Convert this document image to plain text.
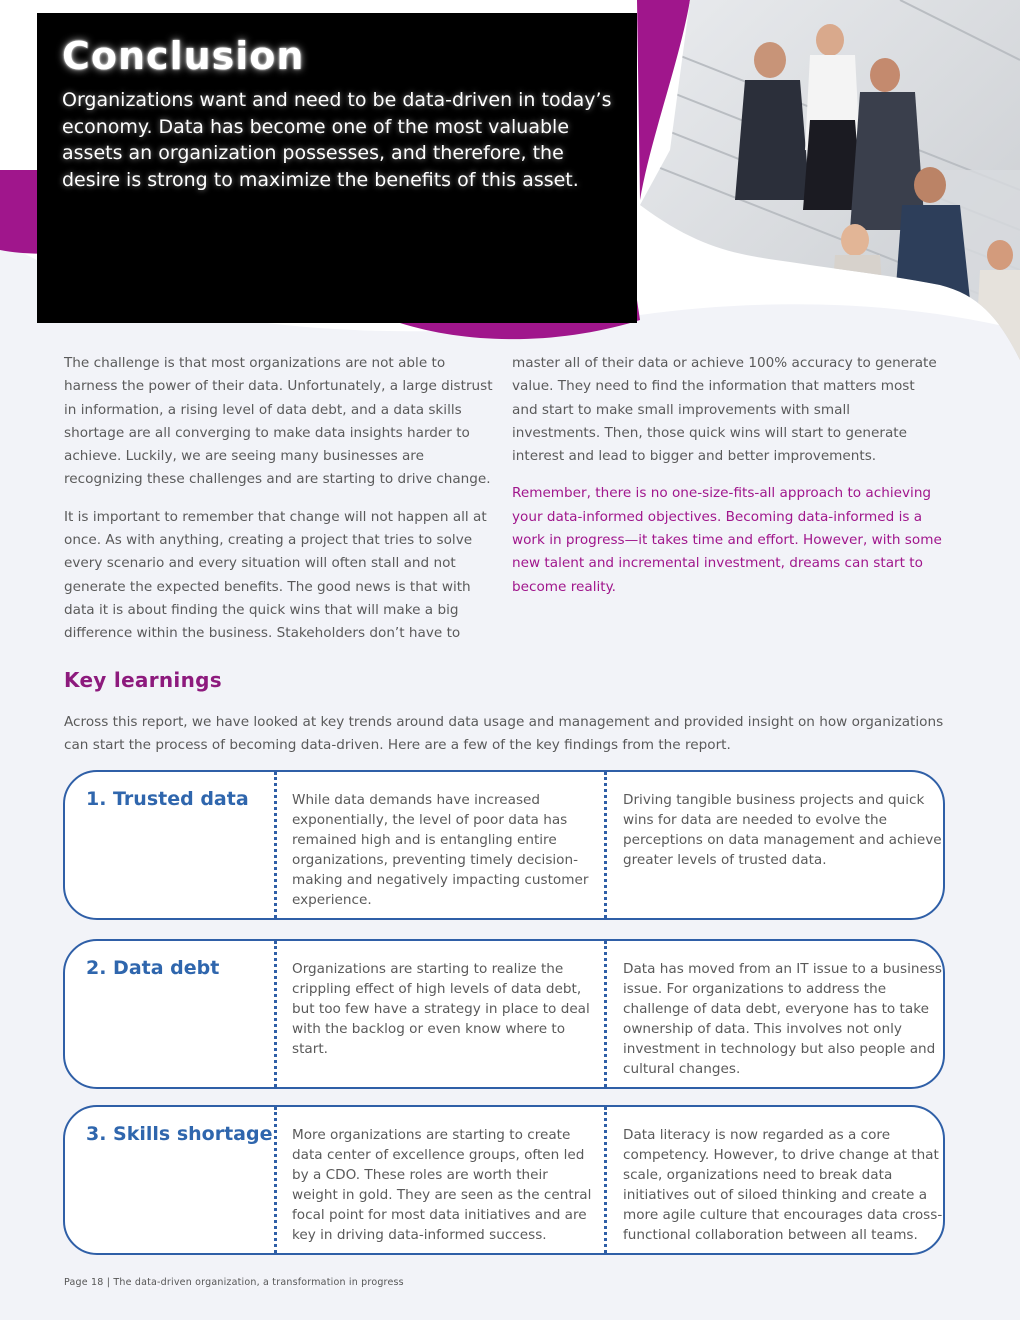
Conclusion

Organizations want and need to be data-driven in today’s economy. Data has become one of the most valuable assets an organization possesses, and therefore, the desire is strong to maximize the benefits of this asset.

The challenge is that most organizations are not able to harness the power of their data. Unfortunately, a large distrust in information, a rising level of data debt, and a data skills shortage are all converging to make data insights harder to achieve. Luckily, we are seeing many businesses are recognizing these challenges and are starting to drive change.

It is important to remember that change will not happen all at once. As with anything, creating a project that tries to solve every scenario and every situation will often stall and not generate the expected benefits. The good news is that with data it is about finding the quick wins that will make a big difference within the business. Stakeholders don’t have to

master all of their data or achieve 100% accuracy to generate value. They need to find the information that matters most and start to make small improvements with small investments. Then, those quick wins will start to generate interest and lead to bigger and better improvements.

Remember, there is no one-size-fits-all approach to achieving your data-informed objectives. Becoming data-informed is a work in progress—it takes time and effort. However, with some new talent and incremental investment, dreams can start to become reality.

Key learnings

Across this report, we have looked at key trends around data usage and management and provided insight on how organizations can start the process of becoming data-driven. Here are a few of the key findings from the report.

1. Trusted data	While data demands have increased exponentially, the level of poor data has remained high and is entangling entire organizations, preventing timely decision-making and negatively impacting customer experience.

Driving tangible business projects and quick wins for data are needed to evolve the perceptions on data management and achieve greater levels of trusted data.

2. Data debt	Organizations are starting to realize the crippling effect of high levels of data debt, but too few have a strategy in place to deal with the backlog or even know where to start.

Data has moved from an IT issue to a business issue. For organizations to address the challenge of data debt, everyone has to take ownership of data. This involves not only investment in technology but also people and cultural changes.

3. Skills shortage More organizations are starting to create data center of excellence groups, often led by a CDO. These roles are worth their weight in gold. They are seen as the central focal point for most data initiatives and are key in driving data-informed success.

Data literacy is now regarded as a core competency. However, to drive change at that scale, organizations need to break data initiatives out of siloed thinking and create a more agile culture that encourages data cross-functional collaboration between all teams.

Page 18 | The data-driven organization, a transformation in progress
